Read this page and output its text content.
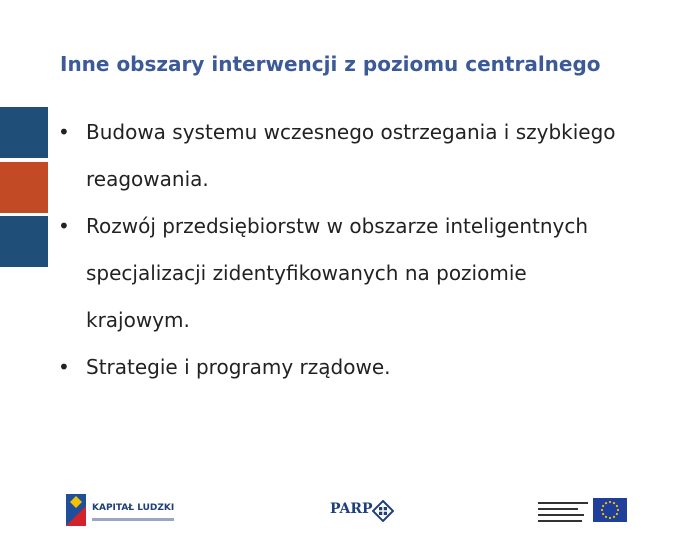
Inne obszary interwencji z poziomu centralnego
• Budowa systemu wczesnego ostrzegania i szybkiego
reagowania.
• Rozwój przedsiębiorstw w obszarze inteligentnych
specjalizacji zidentyfikowanych na poziomie
krajowym.
• Strategie i programy rządowe.
KAPITAŁ LUDZKI	PARP
